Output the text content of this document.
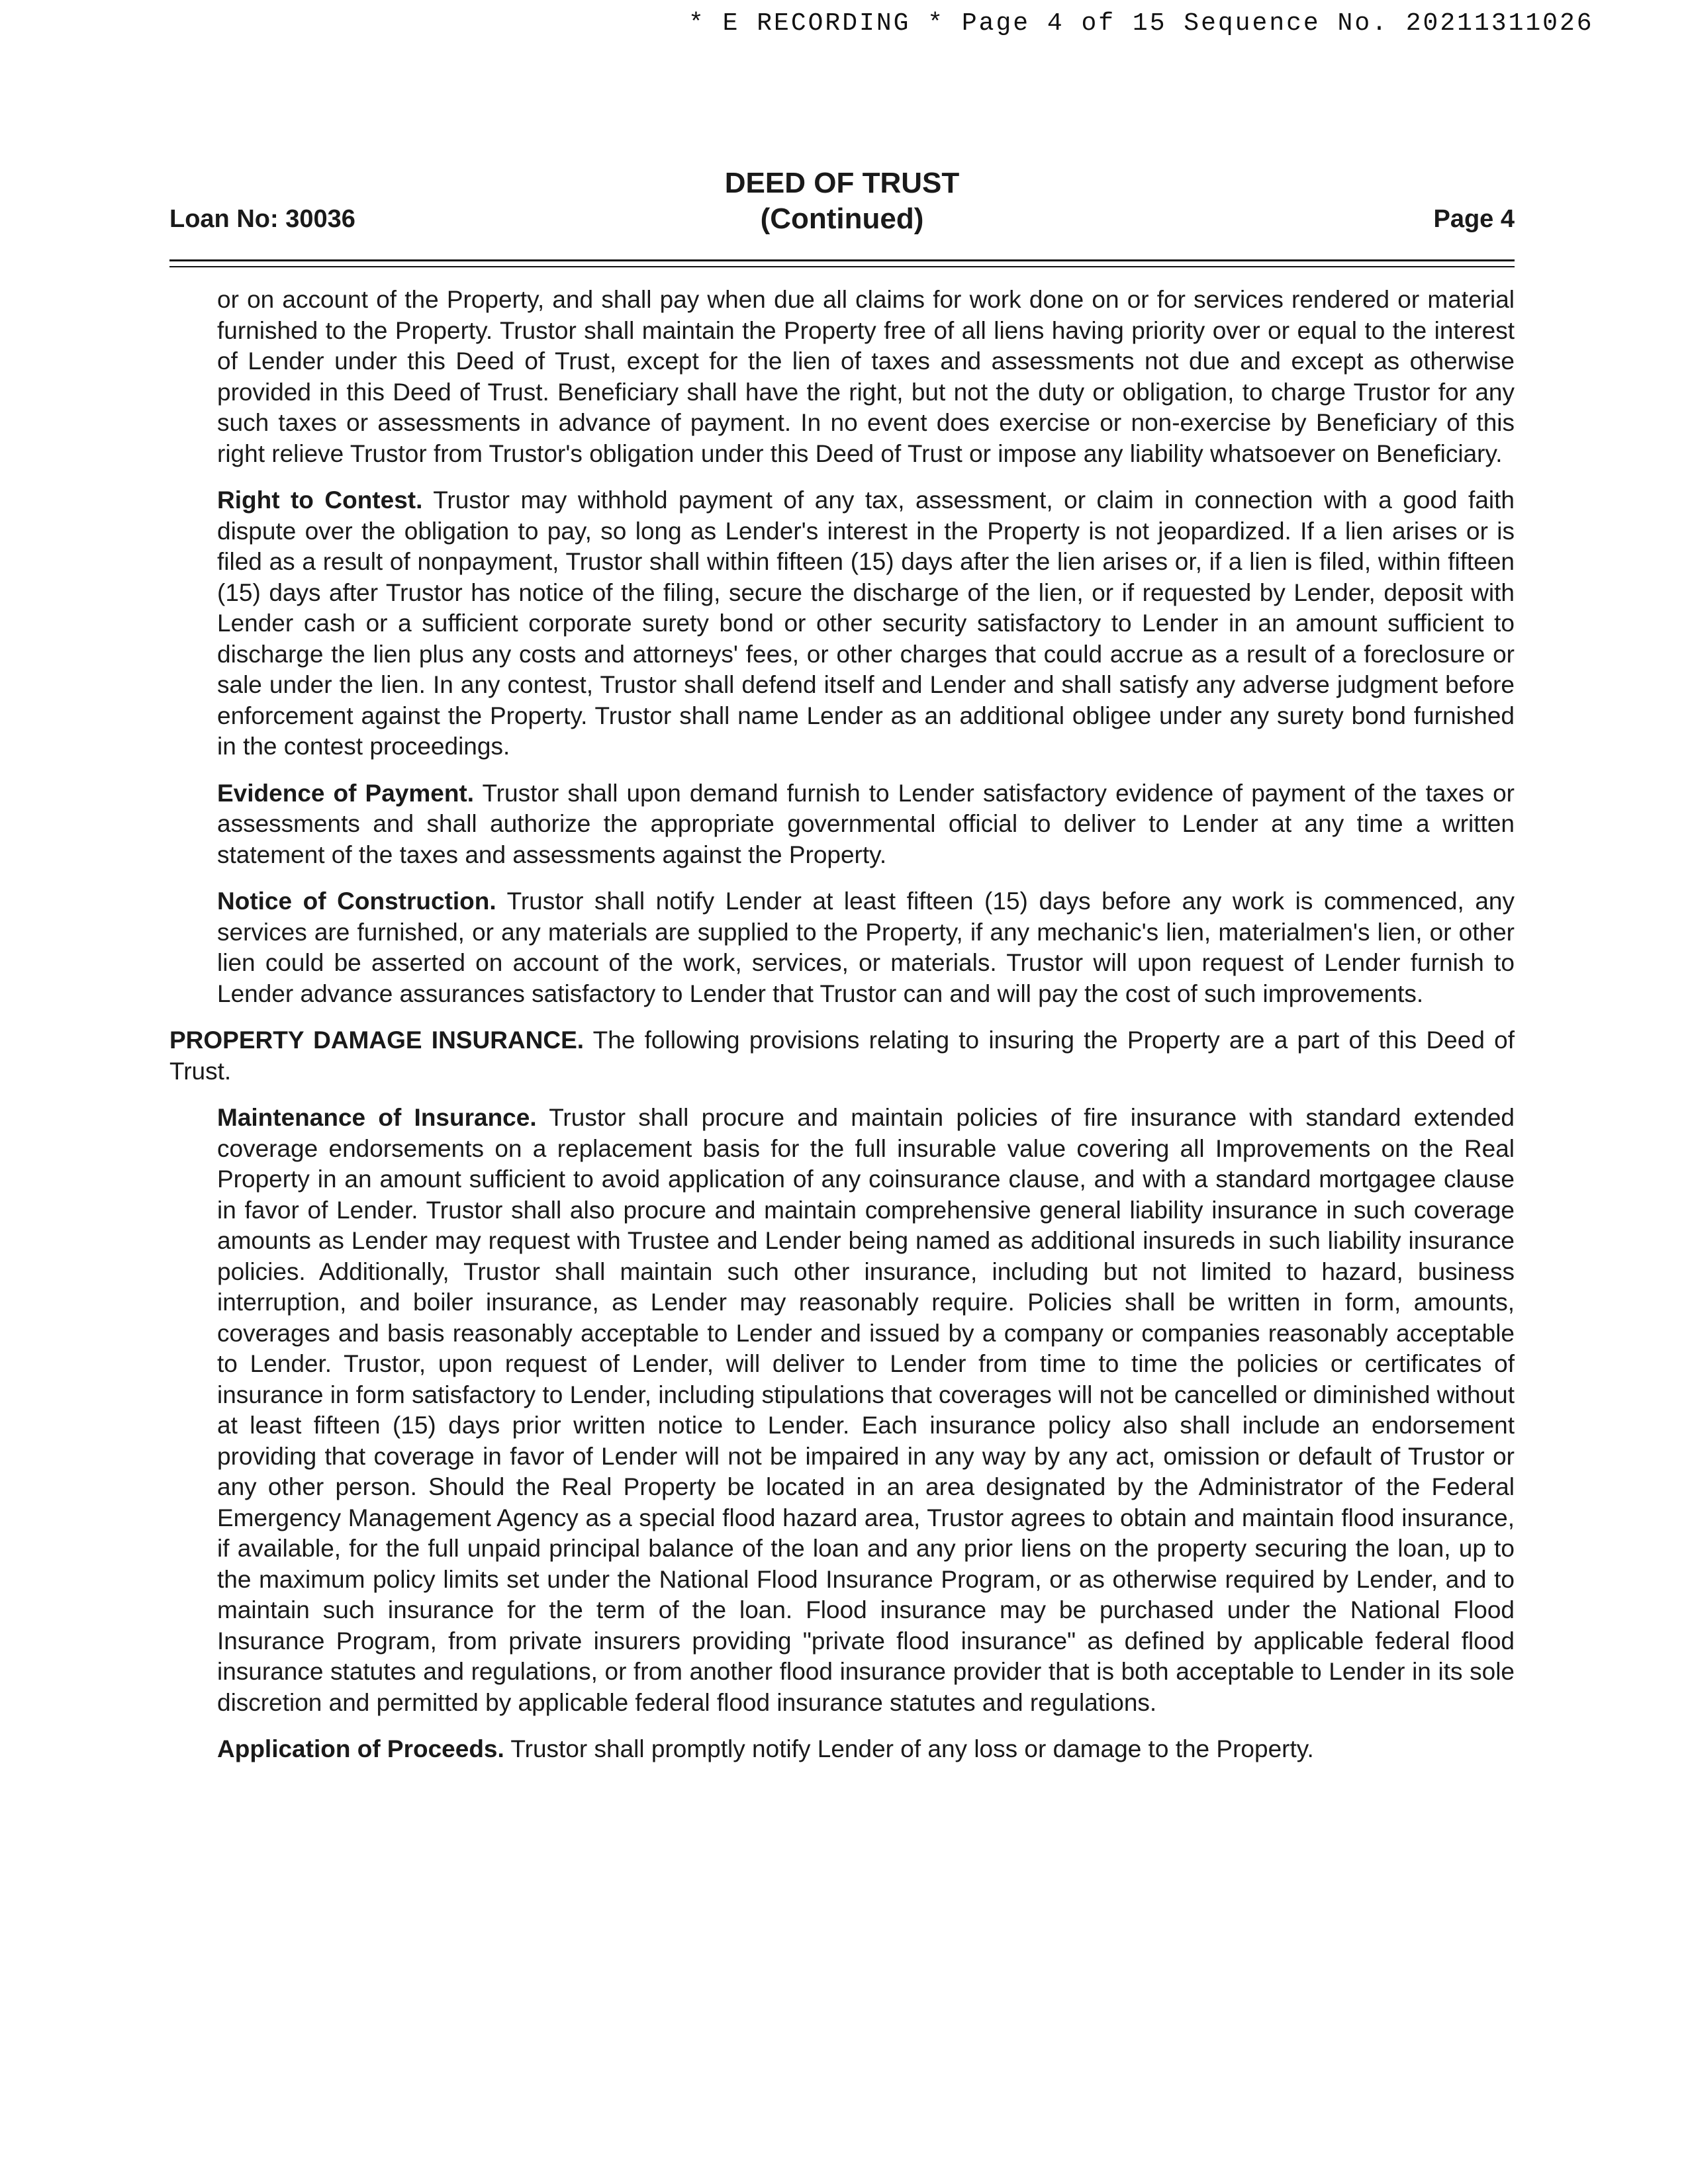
* E RECORDING * Page 4 of 15 Sequence No. 20211311026
Loan No: 30036
DEED OF TRUST
(Continued)	Page 4

or on account of the Property, and shall pay when due all claims for work done on or for services rendered or material furnished to the Property. Trustor shall maintain the Property free of all liens having priority over or equal to the interest of Lender under this Deed of Trust, except for the lien of taxes and assessments not due and except as otherwise provided in this Deed of Trust. Beneficiary shall have the right, but not the duty or obligation, to charge Trustor for any such taxes or assessments in advance of payment. In no event does exercise or non-exercise by Beneficiary of this right relieve Trustor from Trustor's obligation under this Deed of Trust or impose any liability whatsoever on Beneficiary.

Right to Contest. Trustor may withhold payment of any tax, assessment, or claim in connection with a good faith dispute over the obligation to pay, so long as Lender's interest in the Property is not jeopardized. If a lien arises or is filed as a result of nonpayment, Trustor shall within fifteen (15) days after the lien arises or, if a lien is filed, within fifteen (15) days after Trustor has notice of the filing, secure the discharge of the lien, or if requested by Lender, deposit with Lender cash or a sufficient corporate surety bond or other security satisfactory to Lender in an amount sufficient to discharge the lien plus any costs and attorneys' fees, or other charges that could accrue as a result of a foreclosure or sale under the lien. In any contest, Trustor shall defend itself and Lender and shall satisfy any adverse judgment before enforcement against the Property. Trustor shall name Lender as an additional obligee under any surety bond furnished in the contest proceedings.

Evidence of Payment. Trustor shall upon demand furnish to Lender satisfactory evidence of payment of the taxes or assessments and shall authorize the appropriate governmental official to deliver to Lender at any time a written statement of the taxes and assessments against the Property.

Notice of Construction. Trustor shall notify Lender at least fifteen (15) days before any work is commenced, any services are furnished, or any materials are supplied to the Property, if any mechanic's lien, materialmen's lien, or other lien could be asserted on account of the work, services, or materials. Trustor will upon request of Lender furnish to Lender advance assurances satisfactory to Lender that Trustor can and will pay the cost of such improvements.

PROPERTY DAMAGE INSURANCE. The following provisions relating to insuring the Property are a part of this Deed of Trust.

Maintenance of Insurance. Trustor shall procure and maintain policies of fire insurance with standard extended coverage endorsements on a replacement basis for the full insurable value covering all Improvements on the Real Property in an amount sufficient to avoid application of any coinsurance clause, and with a standard mortgagee clause in favor of Lender. Trustor shall also procure and maintain comprehensive general liability insurance in such coverage amounts as Lender may request with Trustee and Lender being named as additional insureds in such liability insurance policies. Additionally, Trustor shall maintain such other insurance, including but not limited to hazard, business interruption, and boiler insurance, as Lender may reasonably require. Policies shall be written in form, amounts, coverages and basis reasonably acceptable to Lender and issued by a company or companies reasonably acceptable to Lender. Trustor, upon request of Lender, will deliver to Lender from time to time the policies or certificates of insurance in form satisfactory to Lender, including stipulations that coverages will not be cancelled or diminished without at least fifteen (15) days prior written notice to Lender. Each insurance policy also shall include an endorsement providing that coverage in favor of Lender will not be impaired in any way by any act, omission or default of Trustor or any other person. Should the Real Property be located in an area designated by the Administrator of the Federal Emergency Management Agency as a special flood hazard area, Trustor agrees to obtain and maintain flood insurance, if available, for the full unpaid principal balance of the loan and any prior liens on the property securing the loan, up to the maximum policy limits set under the National Flood Insurance Program, or as otherwise required by Lender, and to maintain such insurance for the term of the loan. Flood insurance may be purchased under the National Flood Insurance Program, from private insurers providing "private flood insurance" as defined by applicable federal flood insurance statutes and regulations, or from another flood insurance provider that is both acceptable to Lender in its sole discretion and permitted by applicable federal flood insurance statutes and regulations.

Application of Proceeds. Trustor shall promptly notify Lender of any loss or damage to the Property.
